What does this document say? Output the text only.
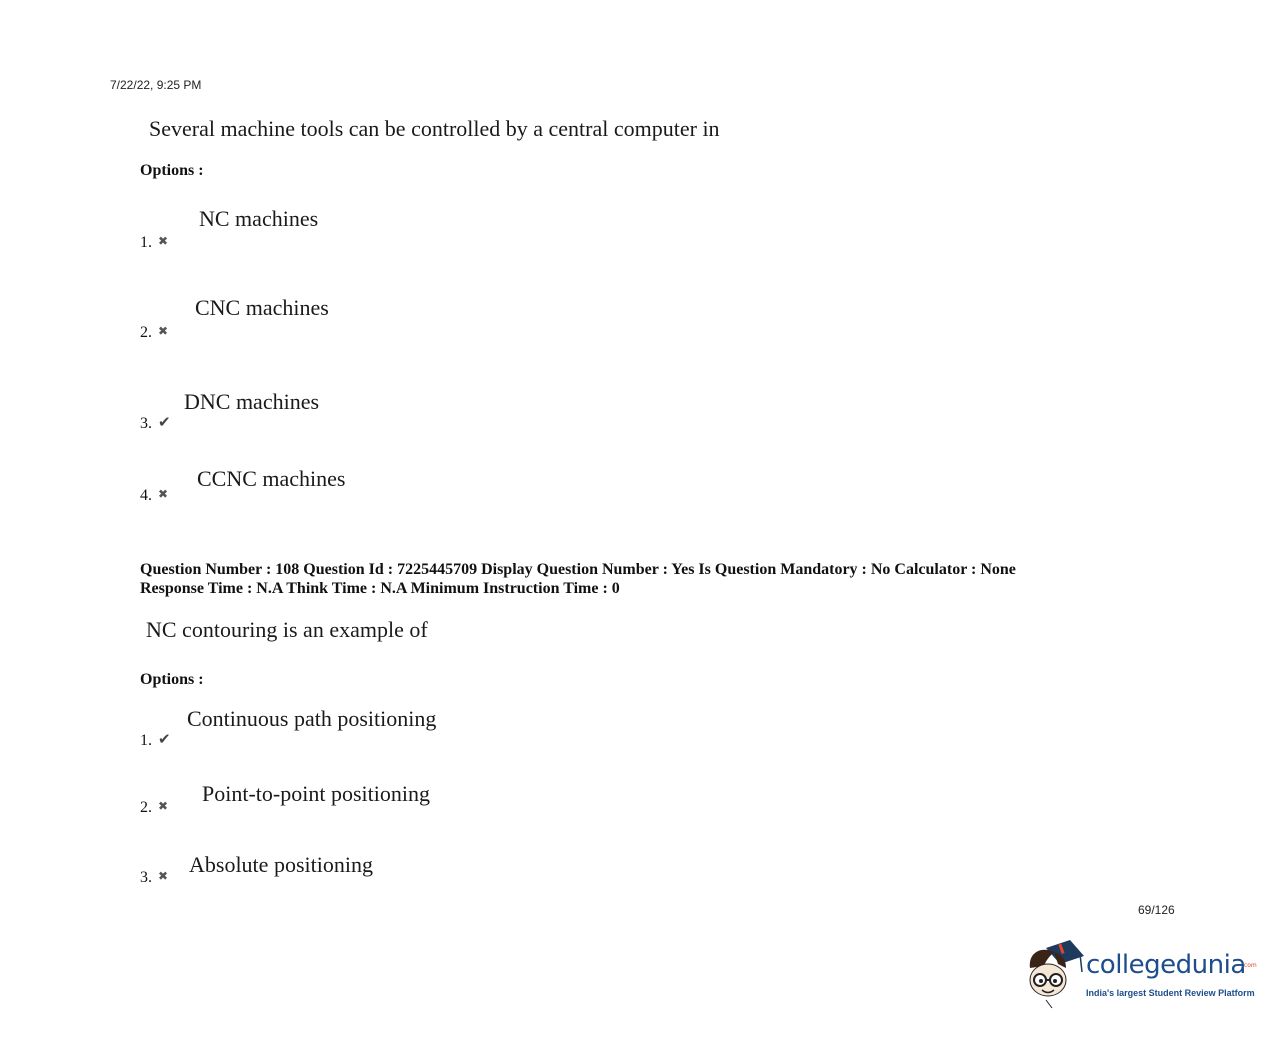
7/22/22, 9:25 PM
Several machine tools can be controlled by a central computer in
Options :
1. ✖
NC machines
2. ✖
CNC machines
3. ✔
DNC machines
4. ✖
CCNC machines
Question Number : 108 Question Id : 7225445709 Display Question Number : Yes Is Question Mandatory : No Calculator : None
Response Time : N.A Think Time : N.A Minimum Instruction Time : 0
NC contouring is an example of
Options :
1. ✔
Continuous path positioning
2. ✖ Point-to-point positioning
3. ✖ Absolute positioning
69/126
collegedunia
.com
India's largest Student Review Platform
